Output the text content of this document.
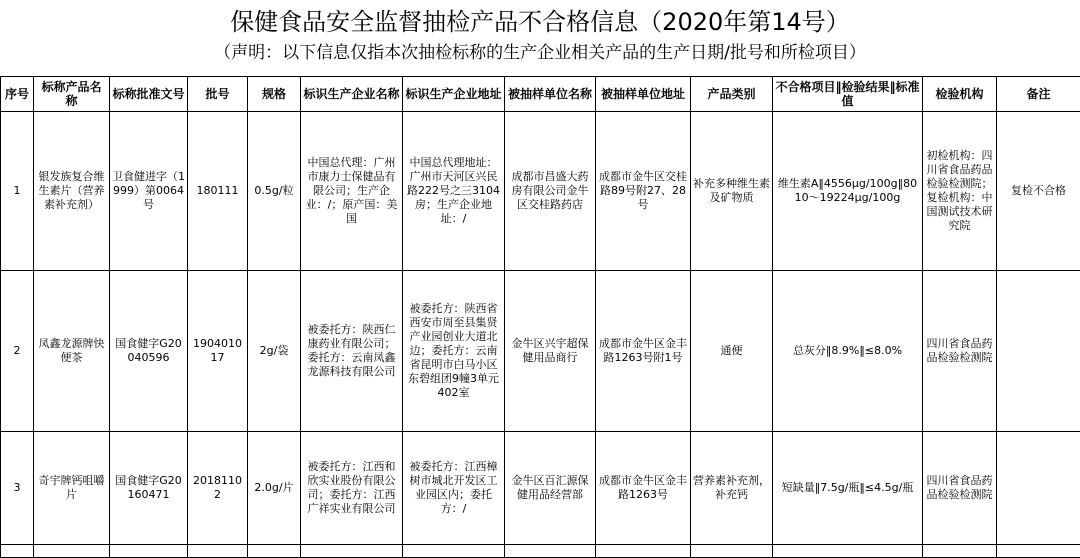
保健食品安全监督抽检产品不合格信息（2020年第14号）
（声明：以下信息仅指本次抽检标称的生产企业相关产品的生产日期/批号和所检项目）
序号	标称产品名称	标称批准文号	批号	规格	标识生产企业名称	标识生产企业地址	被抽样单位名称	被抽样单位地址	产品类别	不合格项目‖检验结果‖标准值	检验机构	备注
1	银发族复合维生素片（营养素补充剂）	卫食健进字（1999）第0064号	180111	0.5g/粒	中国总代理：广州市康力士保健品有限公司；生产企业：/；原产国：美国	中国总代理地址：广州市天河区兴民路222号之三3104房；生产企业地址：/	成都市昌盛大药房有限公司金牛区交桂路药店	成都市金牛区交桂路89号附27、28号	补充多种维生素及矿物质	维生素A‖4556μg/100g‖8010～19224μg/100g	初检机构：四川省食品药品检验检测院；复检机构：中国测试技术研究院	复检不合格
2	凤鑫龙源牌快便茶	国食健字G20040596	190401017	2g/袋	被委托方：陕西仁康药业有限公司；委托方：云南凤鑫龙源科技有限公司	被委托方：陕西省西安市周至县集贤产业园创业大道北边；委托方：云南省昆明市白马小区东碧组团9幢3单元402室	金牛区兴宇超保健用品商行	成都市金牛区金丰路1263号附1号	通便	总灰分‖8.9%‖≤8.0%	四川省食品药品检验检测院	
3	奇宇牌钙咀嚼片	国食健字G20160471	20181102	2.0g/片	被委托方：江西和欣实业股份有限公司；委托方：江西广祥实业有限公司	被委托方：江西樟树市城北开发区工业园区内；委托方：/	金牛区百汇源保健用品经营部	成都市金牛区金丰路1263号	营养素补充剂，补充钙	短缺量‖7.5g/瓶‖≤4.5g/瓶	四川省食品药品检验检测院	
